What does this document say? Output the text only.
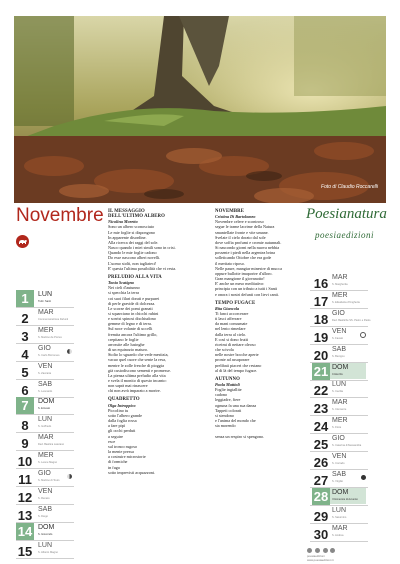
Foto di Claudio Roccarelli
Novembre	Poesianatura
poesiaedizioni
1	LUN
Tutti i Santi
2	MAR
Commemorazione Defunti
3	MER
S. Martino de Porres
4	GIO
S. Carlo Borromeo
5	VEN
S. Zaccaria
6	SAB
S. Leonardo
7	DOM
S. Ernesto
8	LUN
S. Goffredo
9	MAR
Ded. Basilica Laterano
10 MER
S. Leone Magno
11 GIO
S. Martino di Tours
12 VEN
S. Renato
13 SAB
S. Diego
14 DOM
S. Giocondo
15 LUN
S. Alberto Magno
16 MAR
S. Margherita
17 MER
S. Elisabetta d'Ungheria
18 GIO
Ded. Basiliche SS. Pietro e Paolo
19 VEN
S. Fausto
20 SAB
S. Benigno
21 DOM
Cristo Re
22 LUN
S. Cecilia
23 MAR
S. Clemente
24 MER
S. Flora
25 GIO
S. Caterina d'Alessandria
26 VEN
S. Corrado
27 SAB
S. Virgilio
28 DOM
I Domenica di Avvento
29 LUN
S. Saturnino
30 MAR
S. Andrea
IL MESSAGGIO
DELL'ULTIMO ALBERO
Nicolina Moretto
Sono un albero sconosciuto
Le mie foglie si dispongono
In apparente disordine.
Alla ricerca dei raggi del sole.
Nasco quando i miei simili sono in crisi.
Quando le mie foglie cadono
Do esse nascono alberi novelli.
L'uomo stolti, non tagliateci!
E' questa l'ultima possibilità che vi resta.
PRELUDIO ALLA VITA
Tonia Scatigno
Nei cieli d'autunno
si specchia la terra
coi suoi filari dorati e purpurei
di perle gravide di dolcezza.
Le scorze dei pomi granati
si squarciano in chicchi rubini
e sorrisi spinosi dischiudono
gemme di legno e di terra.
Sul noce volante di uccelli
fremita ancora l'ultimo grillo,
crepitano le foglie
arrossite alle lusinghe
di un equinozio maturo.
Stolto lo sguardo che vede mestizia,
vacuo quel cuore che sente la resa,
mentre le zolle fresche di pioggia
già custodiscono sementi e promesse.
La pienza ultima preludio alla vita
e svela il monito di questo incanto:
non saprà mai rinascere
chi non avrà imparato a morire.
QUADRETTO
Olga Introppico
Piccolino tu
sotto l'albero grande
dalla foglia rossa
a fare pipì
gli occhi perduti
a seguire
esce
sul tronco rugoso
la mente pressa
a costruire microstorie
di formiche
in fuga
sotto imprevisti acquazzoni.
NOVEMBRE
Cristina Di Bartolomeo
Novembre celere e scontroso
segue le trame lacrime della Natura
smantellate fronte e vite umane.
Svelate il cielo dorato dal sole
dove soffia profumi e cromie autunnali.
Si nascondo giorni nella nuova nebbia
possente i piedi nella argentea brina
solleticando Ottobre che era gode
il meritato riposo.
Nelle paure, mangiar minestre di mucca
oppure bullotte imaporire d'alloro.
Gran mangione il giovanotto!
E' anche un meso meditativo:
principia con un tributo a tutti i Santi
e onora i nostri defunti con lievi canti.
TEMPO FUGACE
Rita Giancola
Ti fanci accorcerare
ti lasci afferrare
da mani consumate
nel lento rimedare
dalla terra al cielo.
E così si dono frutti
riceimi di nettare oleoso
che scivola
nelle nostre bocche aperte
pronte ad assaporare
prelibati piaceri che restano
al di là del tempo fugace.
AUTUNNO
Paola Mattioli
Foglie ingiallite
cadono
leggiadre, fiere
ognuna fa una sua danza
Tappeti colorati
si stendono
e l'anima del mondo che
sta morendo

senza un respiro si spengono.

poesiaedizioni
www.poesiaedizioni.it
